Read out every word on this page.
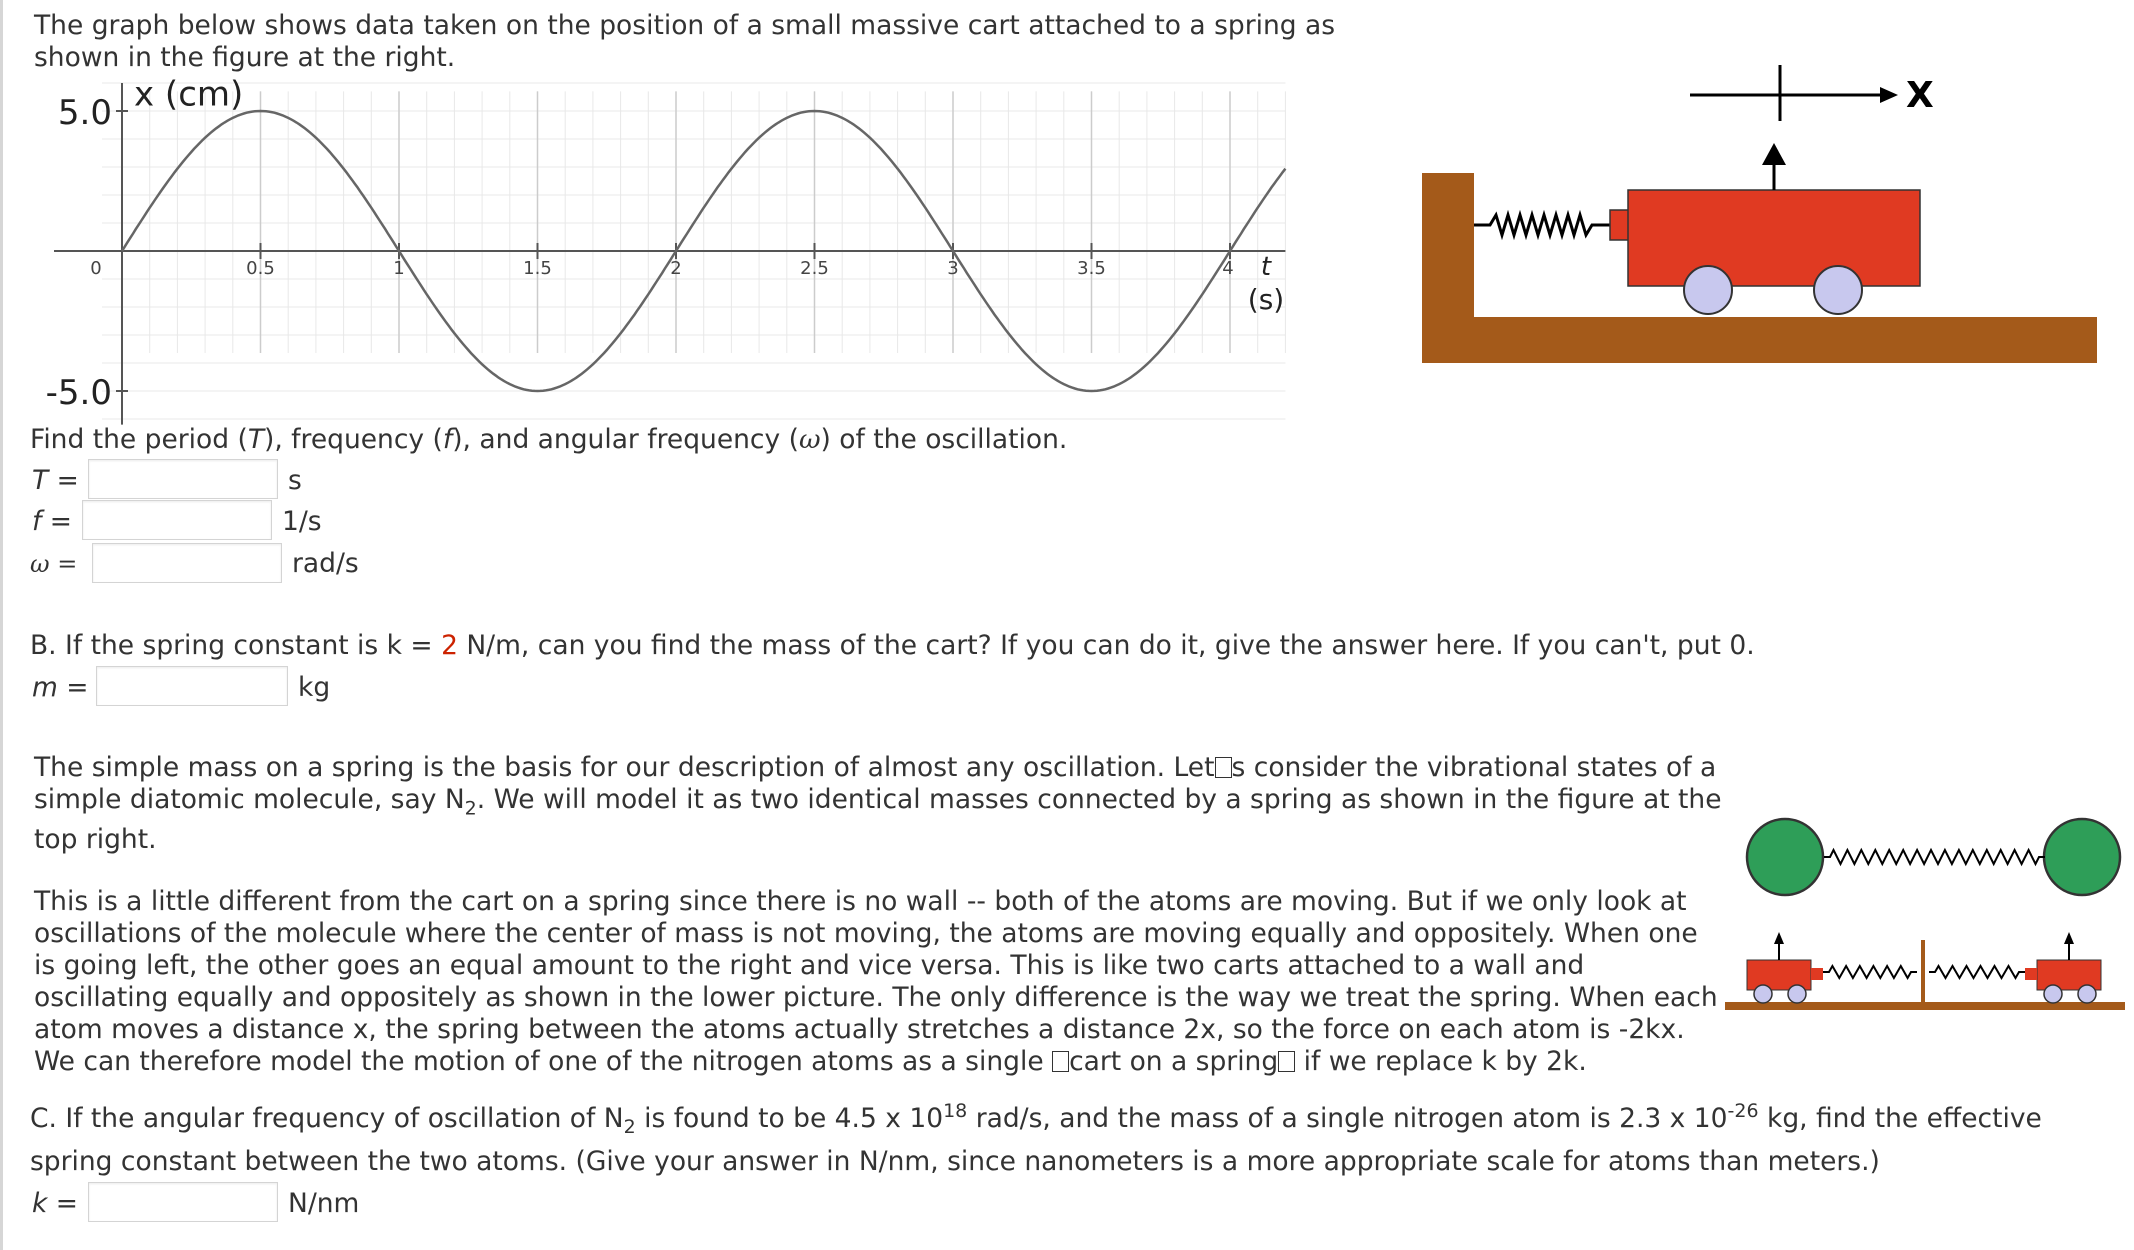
The graph below shows data taken on the position of a small massive cart attached to a spring as shown in the figure at the right.
5.0
-5.0
x (cm)
0	0.5	1	1.5	2	2.5	3	3.5	4 t
(s)
X
Find the period (T), frequency (f), and angular frequency (ω) of the oscillation.
T =	s
f =	1/s
ω =	rad/s
B. If the spring constant is k = 2 N/m, can you find the mass of the cart? If you can do it, give the answer here. If you can't, put 0.
m =	kg
The simple mass on a spring is the basis for our description of almost any oscillation. Let s consider the vibrational states of a simple diatomic molecule, say $N_2$. We will model it as two identical masses connected by a spring as shown in the figure at the top right.
This is a little different from the cart on a spring since there is no wall -- both of the atoms are moving. But if we only look at oscillations of the molecule where the center of mass is not moving, the atoms are moving equally and oppositely. When one is going left, the other goes an equal amount to the right and vice versa. This is like two carts attached to a wall and oscillating equally and oppositely as shown in the lower picture. The only difference is the way we treat the spring. When each atom moves a distance x, the spring between the atoms actually stretches a distance 2x, so the force on each atom is -2kx. We can therefore model the motion of one of the nitrogen atoms as a single cart on a spring if we replace k by 2k.
C. If the angular frequency of oscillation of $N_2$ is found to be 4.5 x $10^{18}$ rad/s, and the mass of a single nitrogen atom is 2.3 x $10^{-26}$ kg, find the effective
spring constant between the two atoms. (Give your answer in N/nm, since nanometers is a more appropriate scale for atoms than meters.)
k =	N/nm
